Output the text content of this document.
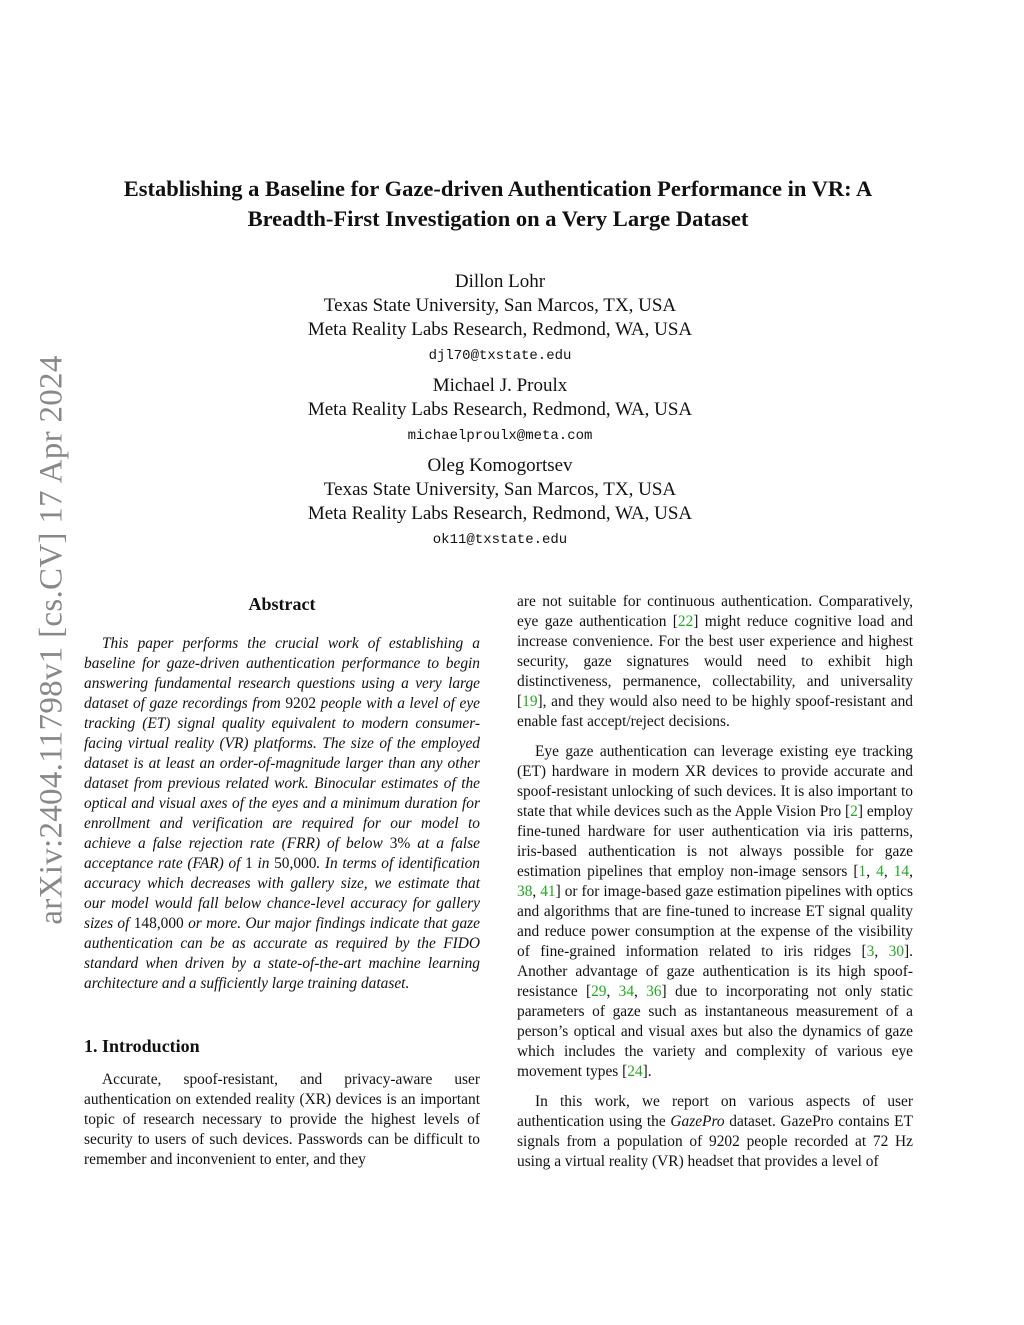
arXiv:2404.11798v1 [cs.CV] 17 Apr 2024
Establishing a Baseline for Gaze-driven Authentication Performance in VR: A Breadth-First Investigation on a Very Large Dataset
Dillon Lohr
Texas State University, San Marcos, TX, USA
Meta Reality Labs Research, Redmond, WA, USA
djl70@txstate.edu
Michael J. Proulx
Meta Reality Labs Research, Redmond, WA, USA
michaelproulx@meta.com
Oleg Komogortsev
Texas State University, San Marcos, TX, USA
Meta Reality Labs Research, Redmond, WA, USA
ok11@txstate.edu
Abstract

This paper performs the crucial work of establishing a baseline for gaze-driven authentication performance to begin answering fundamental research questions using a very large dataset of gaze recordings from 9202 people with a level of eye tracking (ET) signal quality equivalent to modern consumer-facing virtual reality (VR) platforms. The size of the employed dataset is at least an order-of-magnitude larger than any other dataset from previous related work. Binocular estimates of the optical and visual axes of the eyes and a minimum duration for enrollment and verification are required for our model to achieve a false rejection rate (FRR) of below 3% at a false acceptance rate (FAR) of 1 in 50,000. In terms of identification accuracy which decreases with gallery size, we estimate that our model would fall below chance-level accuracy for gallery sizes of 148,000 or more. Our major findings indicate that gaze authentication can be as accurate as required by the FIDO standard when driven by a state-of-the-art machine learning architecture and a sufficiently large training dataset.

1. Introduction

Accurate, spoof-resistant, and privacy-aware user authentication on extended reality (XR) devices is an important topic of research necessary to provide the highest levels of security to users of such devices. Passwords can be difficult to remember and inconvenient to enter, and they

are not suitable for continuous authentication. Comparatively, eye gaze authentication [22] might reduce cognitive load and increase convenience. For the best user experience and highest security, gaze signatures would need to exhibit high distinctiveness, permanence, collectability, and universality [19], and they would also need to be highly spoof-resistant and enable fast accept/reject decisions.

Eye gaze authentication can leverage existing eye tracking (ET) hardware in modern XR devices to provide accurate and spoof-resistant unlocking of such devices. It is also important to state that while devices such as the Apple Vision Pro [2] employ fine-tuned hardware for user authentication via iris patterns, iris-based authentication is not always possible for gaze estimation pipelines that employ non-image sensors [1, 4, 14, 38, 41] or for image-based gaze estimation pipelines with optics and algorithms that are fine-tuned to increase ET signal quality and reduce power consumption at the expense of the visibility of fine-grained information related to iris ridges [3, 30]. Another advantage of gaze authentication is its high spoof-resistance [29, 34, 36] due to incorporating not only static parameters of gaze such as instantaneous measurement of a person’s optical and visual axes but also the dynamics of gaze which includes the variety and complexity of various eye movement types [24].

In this work, we report on various aspects of user authentication using the GazePro dataset. GazePro contains ET signals from a population of 9202 people recorded at 72 Hz using a virtual reality (VR) headset that provides a level of
